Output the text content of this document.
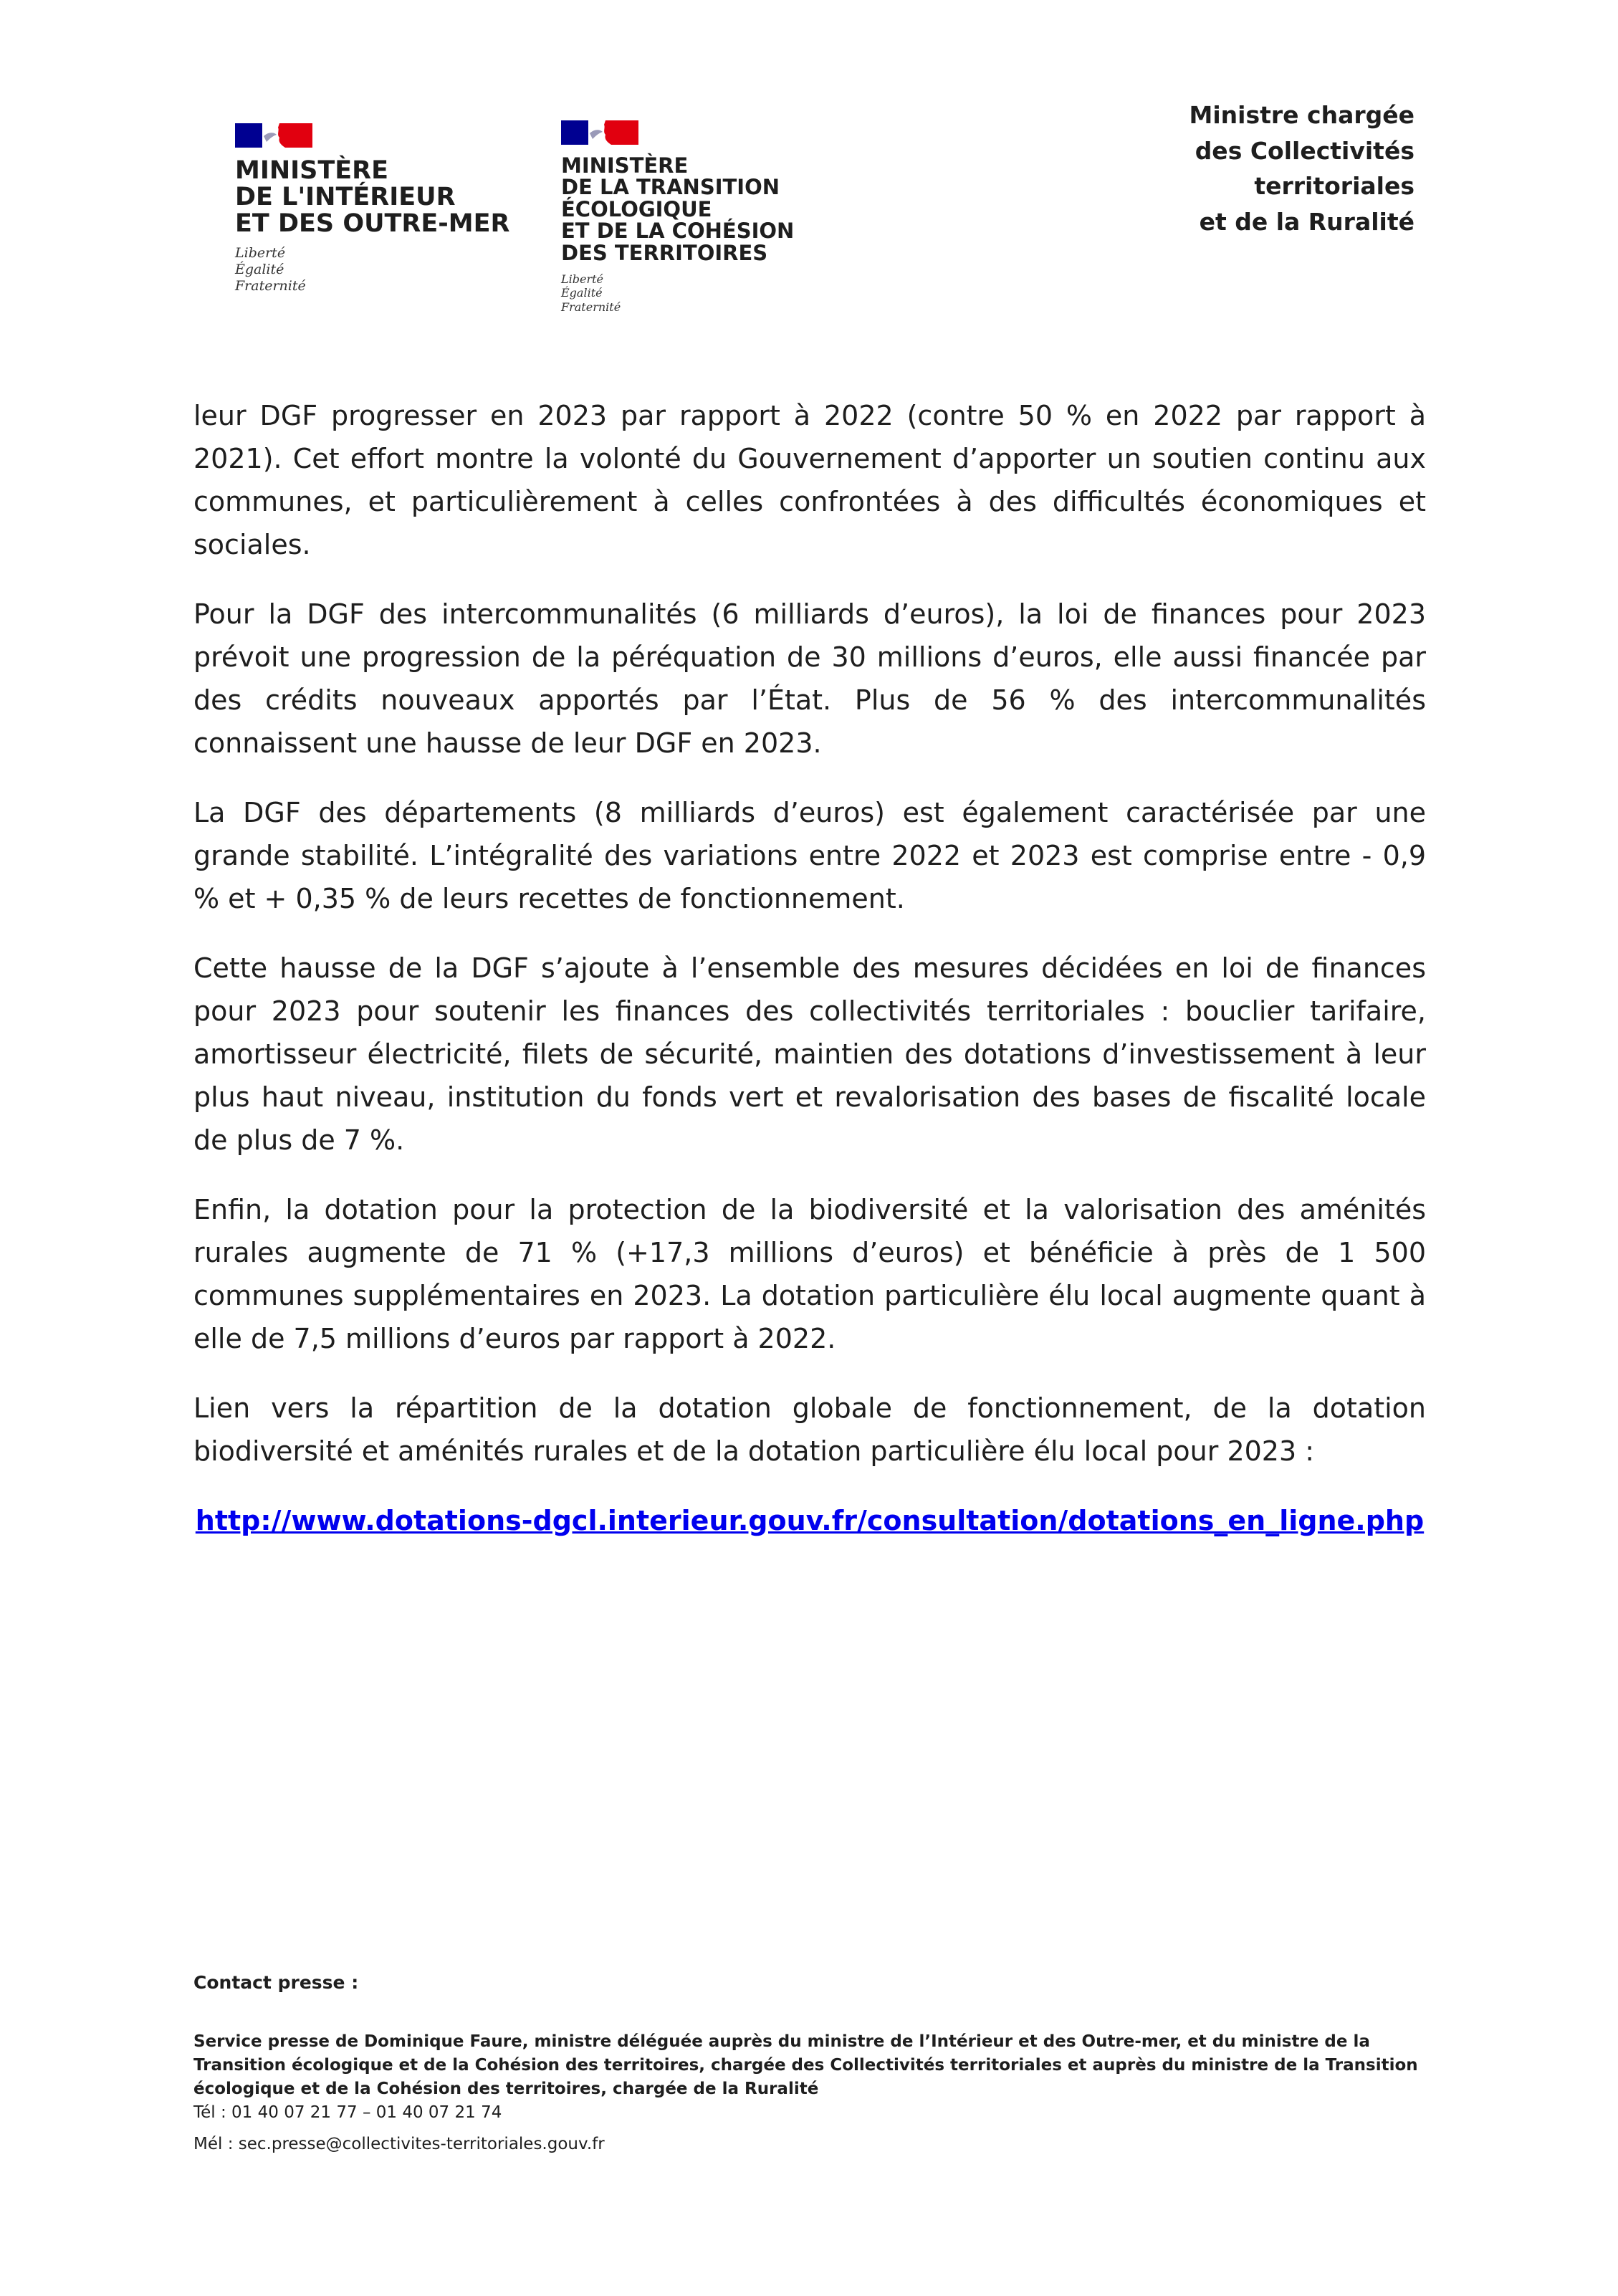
MINISTÈRE
DE L'INTÉRIEUR
ET DES OUTRE-MER
Liberté
Égalité
Fraternité
MINISTÈRE
DE LA TRANSITION
ÉCOLOGIQUE
ET DE LA COHÉSION
DES TERRITOIRES
Liberté
Égalité
Fraternité
Ministre chargée
des Collectivités
territoriales
et de la Ruralité

leur DGF progresser en 2023 par rapport à 2022 (contre 50 % en 2022 par rapport à 2021). Cet effort montre la volonté du Gouvernement d’apporter un soutien continu aux communes, et particulièrement à celles confrontées à des difficultés économiques et sociales.

Pour la DGF des intercommunalités (6 milliards d’euros), la loi de finances pour 2023 prévoit une progression de la péréquation de 30 millions d’euros, elle aussi financée par des crédits nouveaux apportés par l’État. Plus de 56 % des intercommunalités connaissent une hausse de leur DGF en 2023.

La DGF des départements (8 milliards d’euros) est également caractérisée par une grande stabilité. L’intégralité des variations entre 2022 et 2023 est comprise entre - 0,9 % et + 0,35 % de leurs recettes de fonctionnement.

Cette hausse de la DGF s’ajoute à l’ensemble des mesures décidées en loi de finances pour 2023 pour soutenir les finances des collectivités territoriales : bouclier tarifaire, amortisseur électricité, filets de sécurité, maintien des dotations d’investissement à leur plus haut niveau, institution du fonds vert et revalorisation des bases de fiscalité locale de plus de 7 %.

Enfin, la dotation pour la protection de la biodiversité et la valorisation des aménités rurales augmente de 71 % (+17,3 millions d’euros) et bénéficie à près de 1 500 communes supplémentaires en 2023. La dotation particulière élu local augmente quant à elle de 7,5 millions d’euros par rapport à 2022.

Lien vers la répartition de la dotation globale de fonctionnement, de la dotation biodiversité et aménités rurales et de la dotation particulière élu local pour 2023 :

http://www.dotations-dgcl.interieur.gouv.fr/consultation/dotations_en_ligne.php

Contact presse :

Service presse de Dominique Faure, ministre déléguée auprès du ministre de l’Intérieur et des Outre-mer, et du ministre de la Transition écologique et de la Cohésion des territoires, chargée des Collectivités territoriales et auprès du ministre de la Transition écologique et de la Cohésion des territoires, chargée de la Ruralité

Tél : 01 40 07 21 77 – 01 40 07 21 74

Mél : sec.presse@collectivites-territoriales.gouv.fr
